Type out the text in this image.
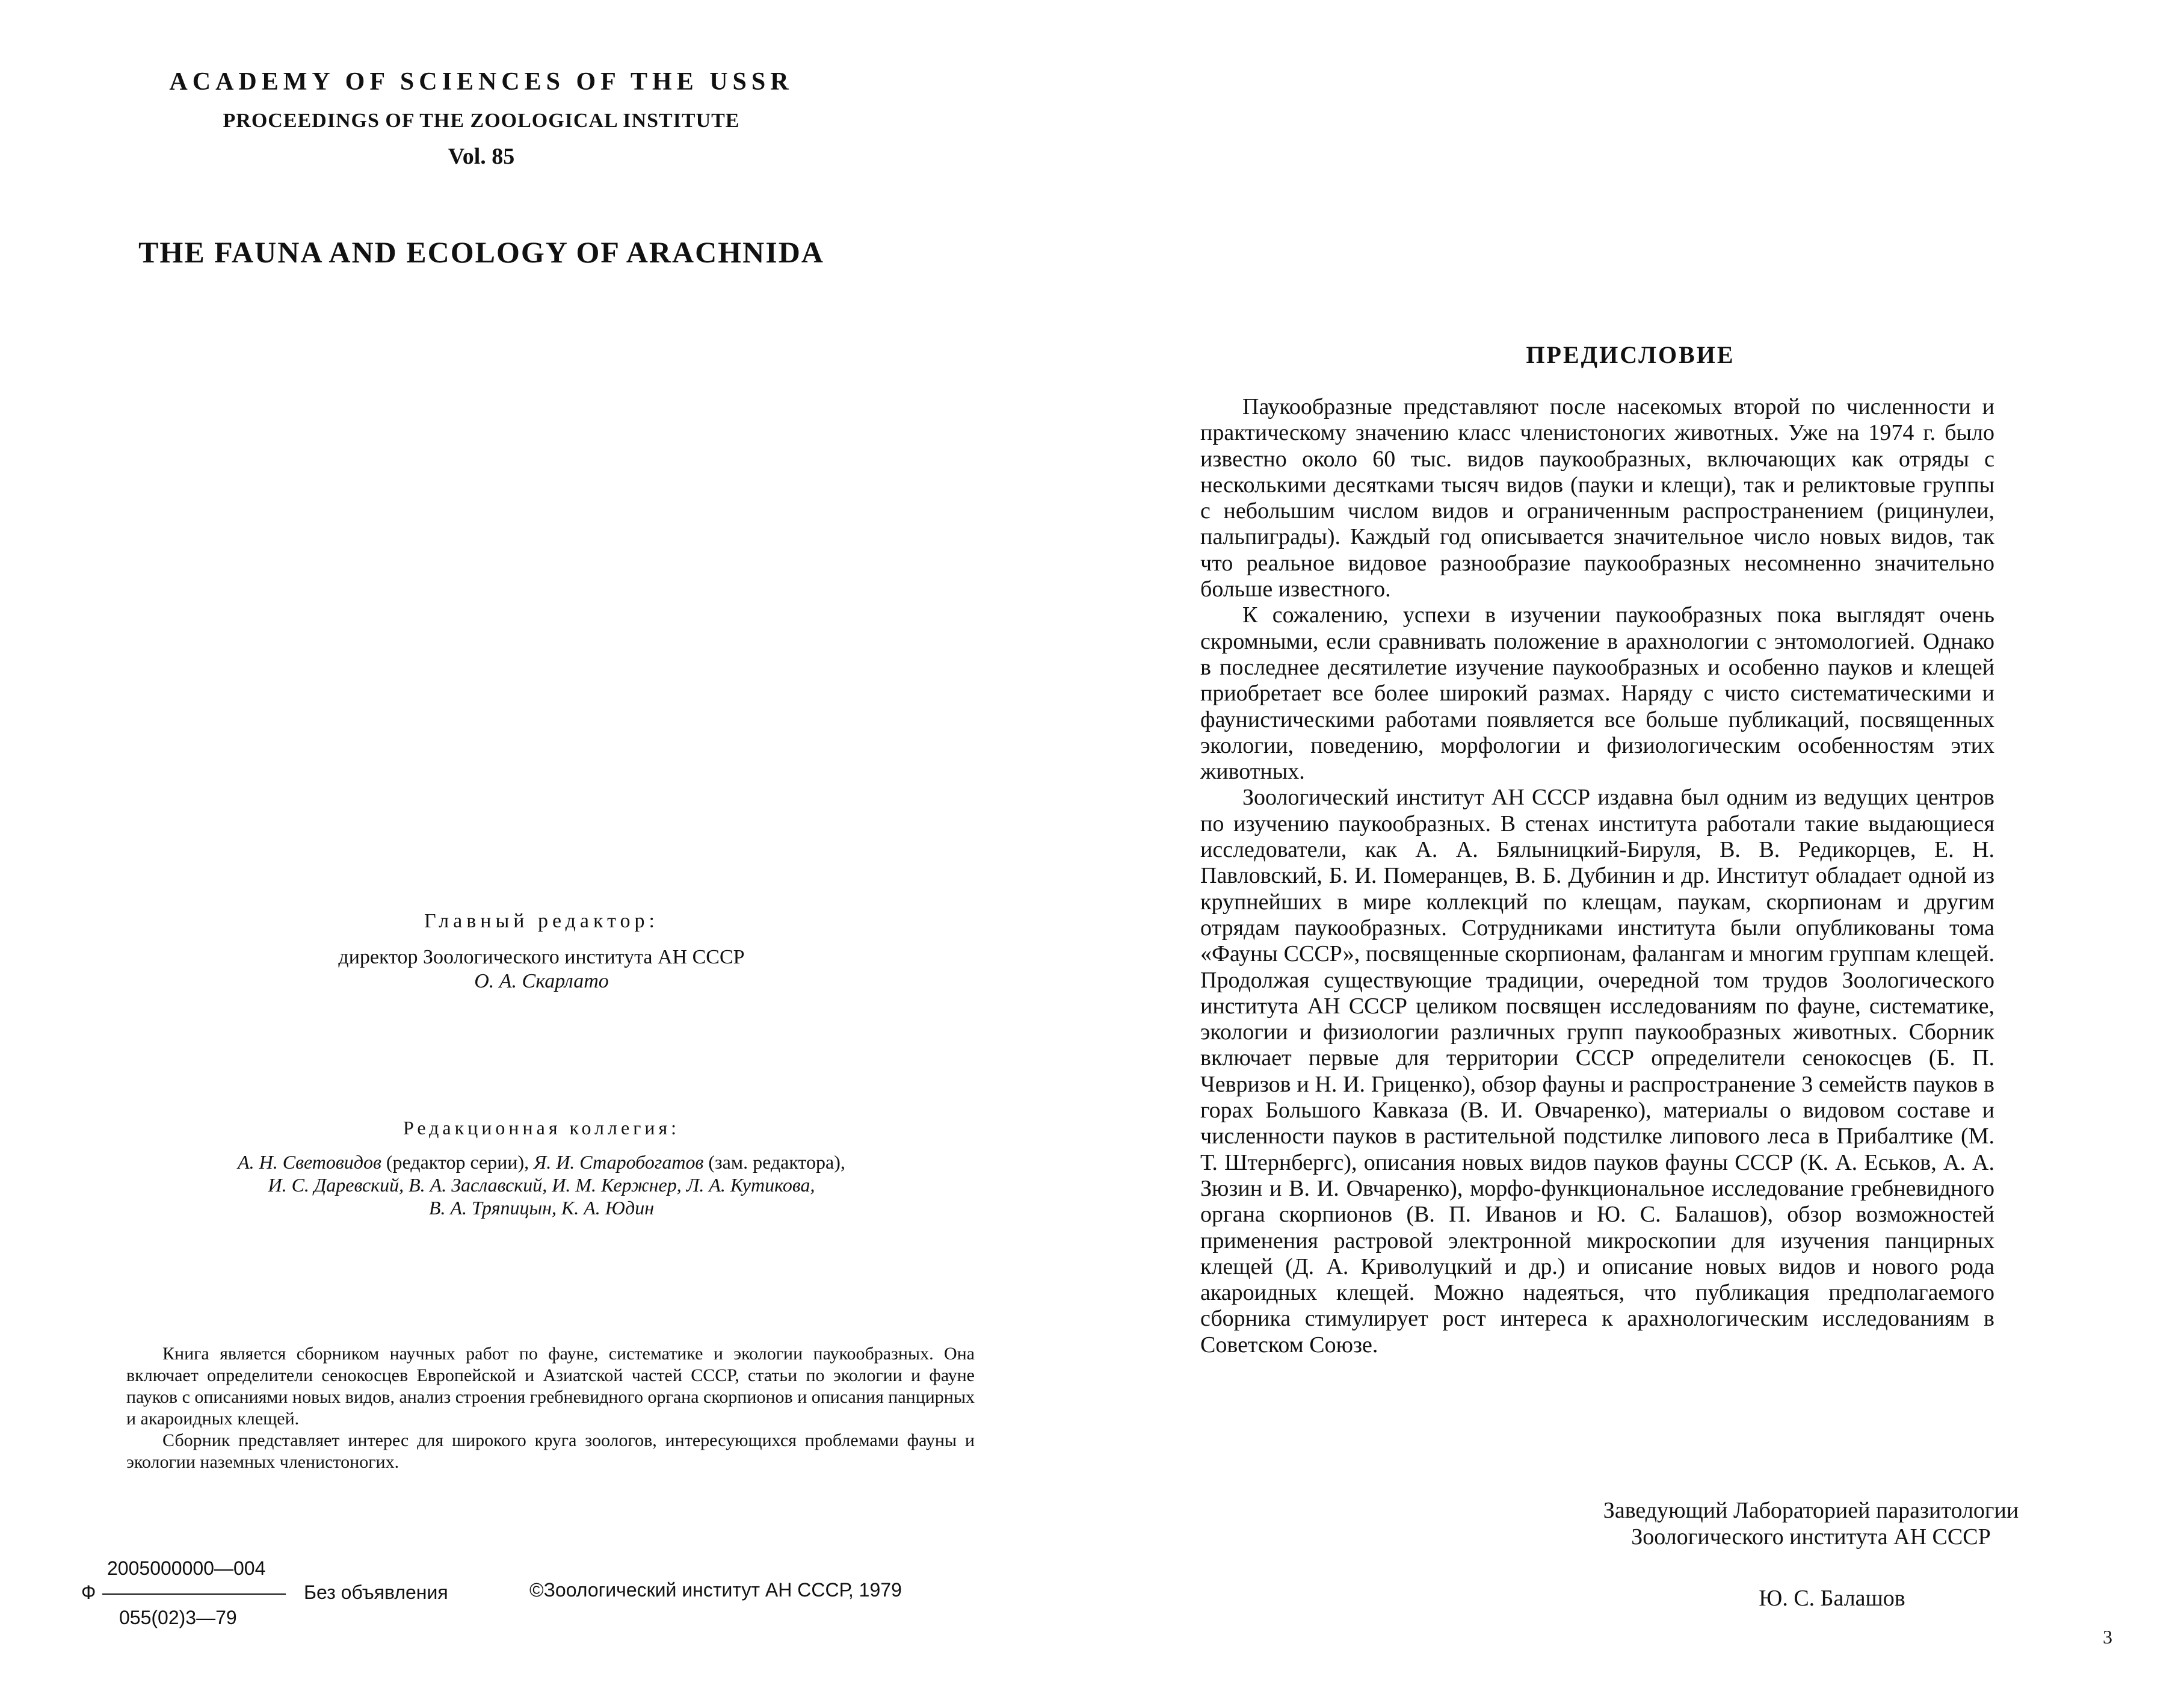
ACADEMY OF SCIENCES OF THE USSR
PROCEEDINGS OF THE ZOOLOGICAL INSTITUTE
Vol. 85
THE FAUNA AND ECOLOGY OF ARACHNIDA
Главный редактор:
директор Зоологического института АН СССР
О. А. Скарлато
Редакционная коллегия:
А. Н. Световидов (редактор серии), Я. И. Старобогатов (зам. редактора),
И. С. Даревский, В. А. Заславский, И. М. Кержнер, Л. А. Кутикова,
В. А. Тряпицын, К. А. Юдин

Книга является сборником научных работ по фауне, систематике и экологии паукообразных. Она включает определители сенокосцев Европейской и Азиатской частей СССР, статьи по экологии и фауне пауков с описаниями новых видов, анализ строения гребневидного органа скорпионов и описания панцирных и акароидных клещей.

Сборник представляет интерес для широкого круга зоологов, интересующихся проблемами фауны и экологии наземных членистоногих.

2005000000—004
Ф	Без объявления	©Зоологический институт АН СССР, 1979
055(02)3—79
ПРЕДИСЛОВИЕ

Паукообразные представляют после насекомых второй по численности и практическому значению класс членистоногих животных. Уже на 1974 г. было известно около 60 тыс. видов паукообразных, включающих как отряды с несколькими десятками тысяч видов (пауки и клещи), так и реликтовые группы с небольшим числом видов и ограниченным распространением (рицинулеи, пальпиграды). Каждый год описывается значительное число новых видов, так что реальное видовое разнообразие паукообразных несомненно значительно больше известного.

К сожалению, успехи в изучении паукообразных пока выглядят очень скромными, если сравнивать положение в арахнологии с энтомологией. Однако в последнее десятилетие изучение паукообразных и особенно пауков и клещей приобретает все более широкий размах. Наряду с чисто систематическими и фаунистическими работами появляется все больше публикаций, посвященных экологии, поведению, морфологии и физиологическим особенностям этих животных.

Зоологический институт АН СССР издавна был одним из ведущих центров по изучению паукообразных. В стенах института работали такие выдающиеся исследователи, как А. А. Бялыницкий-Бируля, В. В. Редикорцев, Е. Н. Павловский, Б. И. Померанцев, В. Б. Дубинин и др. Институт обладает одной из крупнейших в мире коллекций по клещам, паукам, скорпионам и другим отрядам паукообразных. Сотрудниками института были опубликованы тома «Фауны СССР», посвященные скорпионам, фалангам и многим группам клещей. Продолжая существующие традиции, очередной том трудов Зоологического института АН СССР целиком посвящен исследованиям по фауне, систематике, экологии и физиологии различных групп паукообразных животных. Сборник включает первые для территории СССР определители сенокосцев (Б. П. Чевризов и Н. И. Гриценко), обзор фауны и распространение 3 семейств пауков в горах Большого Кавказа (В. И. Овчаренко), материалы о видовом составе и численности пауков в растительной подстилке липового леса в Прибалтике (М. Т. Штернбергс), описания новых видов пауков фауны СССР (К. А. Еськов, А. А. Зюзин и В. И. Овчаренко), морфо-функциональное исследование гребневидного органа скорпионов (В. П. Иванов и Ю. С. Балашов), обзор возможностей применения растровой электронной микроскопии для изучения панцирных клещей (Д. А. Криволуцкий и др.) и описание новых видов и нового рода акароидных клещей. Можно надеяться, что публикация предполагаемого сборника стимулирует рост интереса к арахнологическим исследованиям в Советском Союзе.

Заведующий Лабораторией паразитологии
Зоологического института АН СССР
Ю. С. Балашов
3
